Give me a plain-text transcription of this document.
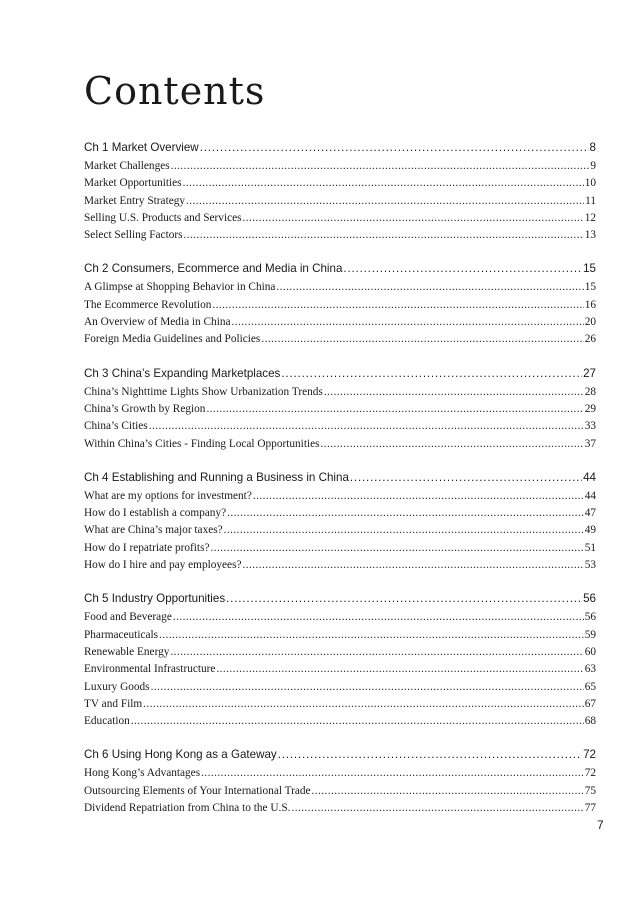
Contents
Ch 1 Market Overview . . .	8
Market Challenges . . .	9
Market Opportunities . . .	10
Market Entry Strategy . . .	11
Selling U.S. Products and Services . . .	12
Select Selling Factors . . .	13
Ch 2 Consumers, Ecommerce and Media in China . . .	15
A Glimpse at Shopping Behavior in China . . .	15
The Ecommerce Revolution . . .	16
An Overview of Media in China . . .	20
Foreign Media Guidelines and Policies . . .	26
Ch 3 China’s Expanding Marketplaces . . .	27
China’s Nighttime Lights Show Urbanization Trends . . .	28
China’s Growth by Region . . .	29
China’s Cities . . .	33
Within China’s Cities - Finding Local Opportunities . . .	37
Ch 4 Establishing and Running a Business in China . . .	44
What are my options for investment? . . .	44
How do I establish a company? . . .	47
What are China’s major taxes? . . .	49
How do I repatriate profits? . . .	51
How do I hire and pay employees? . . .	53
Ch 5 Industry Opportunities . . .	56
Food and Beverage . . .	56
Pharmaceuticals . . .	59
Renewable Energy . . .	60
Environmental Infrastructure . . .	63
Luxury Goods . . .	65
TV and Film . . .	67
Education . . .	68
Ch 6 Using Hong Kong as a Gateway . . .	72
Hong Kong’s Advantages . . .	72
Outsourcing Elements of Your International Trade . . .	75
Dividend Repatriation from China to the U.S. . . .	77
7
